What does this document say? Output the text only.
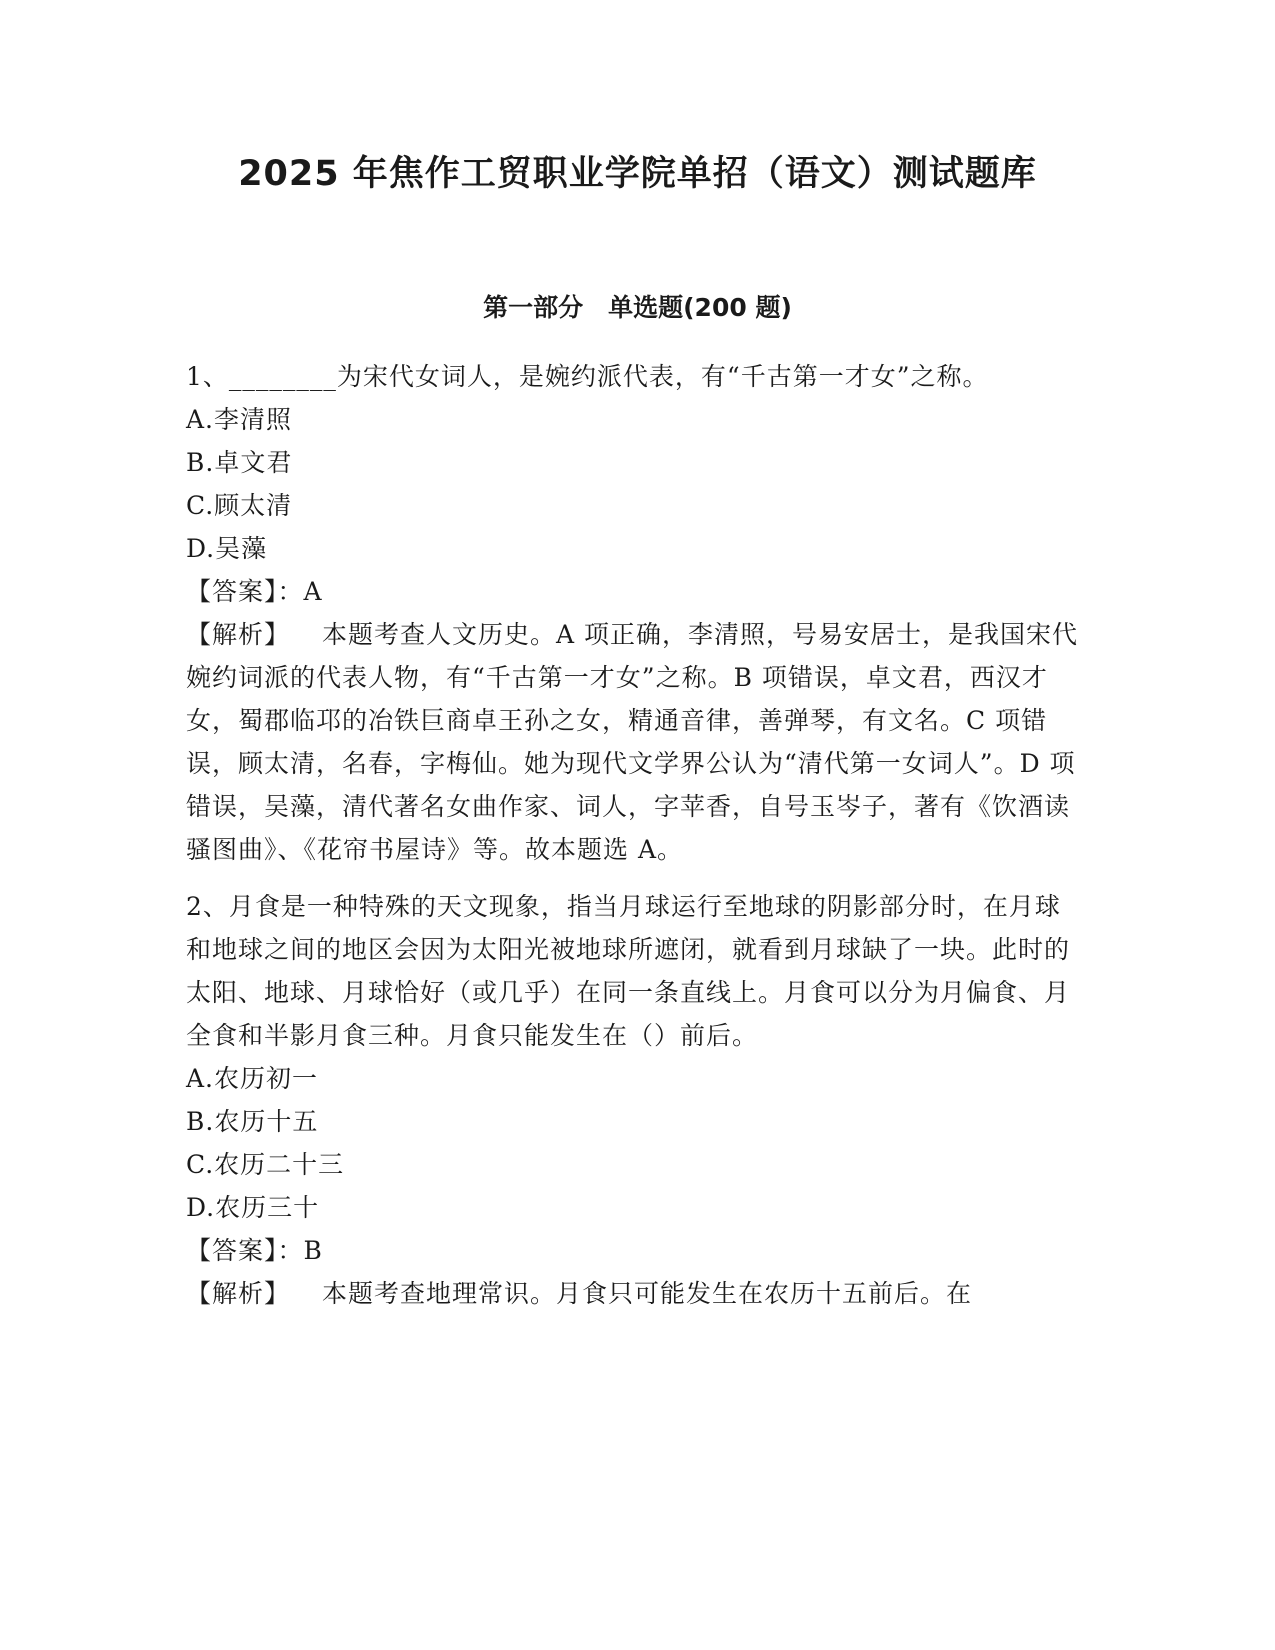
2025 年焦作工贸职业学院单招（语文）测试题库
第一部分　单选题(200 题)

1、________为宋代女词人，是婉约派代表，有“千古第一才女”之称。

A.李清照

B.卓文君

C.顾太清

D.吴藻

【答案】：A

【解析】 本题考查人文历史。A 项正确，李清照，号易安居士，是我国宋代婉约词派的代表人物，有“千古第一才女”之称。B 项错误，卓文君，西汉才女，蜀郡临邛的冶铁巨商卓王孙之女，精通音律，善弹琴，有文名。C 项错误，顾太清，名春，字梅仙。她为现代文学界公认为“清代第一女词人”。D 项错误，吴藻，清代著名女曲作家、词人，字苹香，自号玉岑子，著有《饮酒读骚图曲》、《花帘书屋诗》等。故本题选 A。

2、月食是一种特殊的天文现象，指当月球运行至地球的阴影部分时，在月球和地球之间的地区会因为太阳光被地球所遮闭，就看到月球缺了一块。此时的太阳、地球、月球恰好（或几乎）在同一条直线上。月食可以分为月偏食、月全食和半影月食三种。月食只能发生在（）前后。

A.农历初一

B.农历十五

C.农历二十三

D.农历三十

【答案】：B

【解析】 本题考查地理常识。月食只可能发生在农历十五前后。在
